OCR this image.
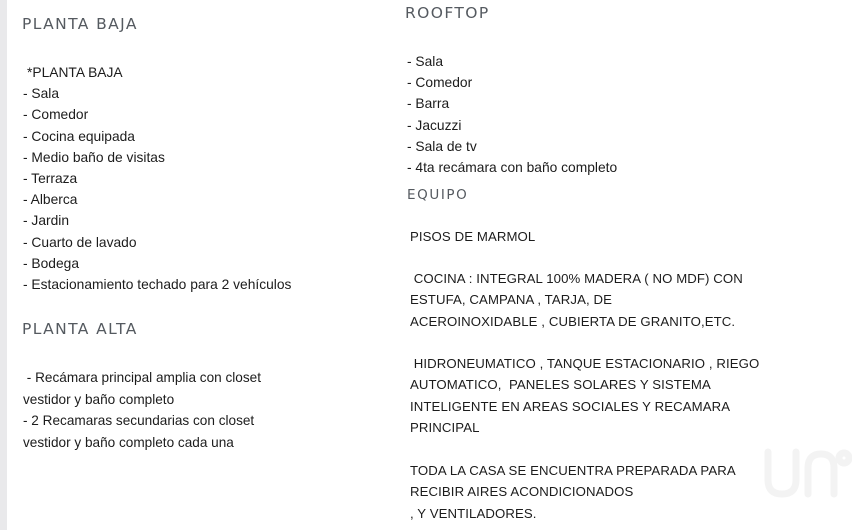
PLANTA BAJA
*PLANTA BAJA
- Sala
- Comedor
- Cocina equipada
- Medio baño de visitas
- Terraza
- Alberca
- Jardin
- Cuarto de lavado
- Bodega
- Estacionamiento techado para 2 vehículos
PLANTA ALTA
- Recámara principal amplia con closet
vestidor y baño completo
- 2 Recamaras secundarias con closet
vestidor y baño completo cada una
ROOFTOP
- Sala
- Comedor
- Barra
- Jacuzzi
- Sala de tv
- 4ta recámara con baño completo
EQUIPO
PISOS DE MARMOL
COCINA : INTEGRAL 100% MADERA ( NO MDF) CON
ESTUFA, CAMPANA , TARJA, DE
ACEROINOXIDABLE , CUBIERTA DE GRANITO,ETC.
HIDRONEUMATICO , TANQUE ESTACIONARIO , RIEGO
AUTOMATICO,  PANELES SOLARES Y SISTEMA
INTELIGENTE EN AREAS SOCIALES Y RECAMARA
PRINCIPAL
TODA LA CASA SE ENCUENTRA PREPARADA PARA
RECIBIR AIRES ACONDICIONADOS
, Y VENTILADORES.
